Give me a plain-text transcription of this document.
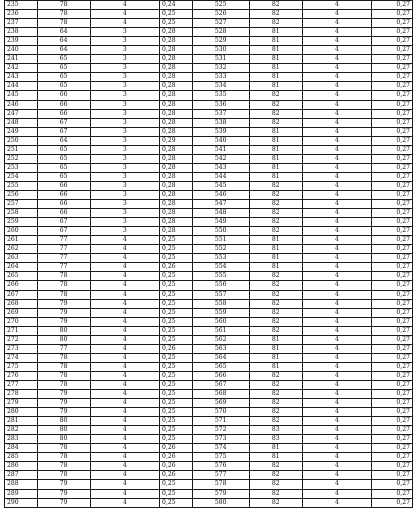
235	78	4	0,24	525	82	4	0,27
236	78	4	0,25	526	82	4	0,27
237	78	4	0,25	527	82	4	0,27
238	64	3	0,28	528	81	4	0,27
239	64	3	0,28	529	81	4	0,27
240	64	3	0,28	530	81	4	0,27
241	65	3	0,28	531	81	4	0,27
242	65	3	0,28	532	81	4	0,27
243	65	3	0,28	533	81	4	0,27
244	65	3	0,28	534	81	4	0,27
245	66	3	0,28	535	82	4	0,27
246	66	3	0,28	536	82	4	0,27
247	66	3	0,28	537	82	4	0,27
248	67	3	0,28	538	82	4	0,27
249	67	3	0,28	539	81	4	0,27
250	64	3	0,29	540	81	4	0,27
251	65	3	0,28	541	81	4	0,27
252	65	3	0,28	542	81	4	0,27
253	65	3	0,28	543	81	4	0,27
254	65	3	0,28	544	81	4	0,27
255	66	3	0,28	545	82	4	0,27
256	66	3	0,28	546	82	4	0,27
257	66	3	0,28	547	82	4	0,27
258	66	3	0,28	548	82	4	0,27
259	67	3	0,28	549	82	4	0,27
260	67	3	0,28	550	82	4	0,27
261	77	4	0,25	551	81	4	0,27
262	77	4	0,25	552	81	4	0,27
263	77	4	0,25	553	81	4	0,27
264	77	4	0,26	554	81	4	0,27
265	78	4	0,25	555	82	4	0,27
266	78	4	0,25	556	82	4	0,27
267	78	4	0,25	557	82	4	0,27
268	79	4	0,25	558	82	4	0,27
269	79	4	0,25	559	82	4	0,27
270	79	4	0,25	560	82	4	0,27
271	80	4	0,25	561	82	4	0,27
272	80	4	0,25	562	81	4	0,27
273	77	4	0,26	563	81	4	0,27
274	78	4	0,25	564	81	4	0,27
275	78	4	0,25	565	81	4	0,27
276	78	4	0,25	566	82	4	0,27
277	78	4	0,25	567	82	4	0,27
278	79	4	0,25	568	82	4	0,27
279	79	4	0,25	569	82	4	0,27
280	79	4	0,25	570	82	4	0,27
281	80	4	0,25	571	82	4	0,27
282	80	4	0,25	572	83	4	0,27
283	80	4	0,25	573	83	4	0,27
284	78	4	0,26	574	81	4	0,27
285	78	4	0,26	575	81	4	0,27
286	78	4	0,26	576	82	4	0,27
287	78	4	0,26	577	82	4	0,27
288	79	4	0,25	578	82	4	0,27
289	79	4	0,25	579	82	4	0,27
290	79	4	0,25	580	82	4	0,27
